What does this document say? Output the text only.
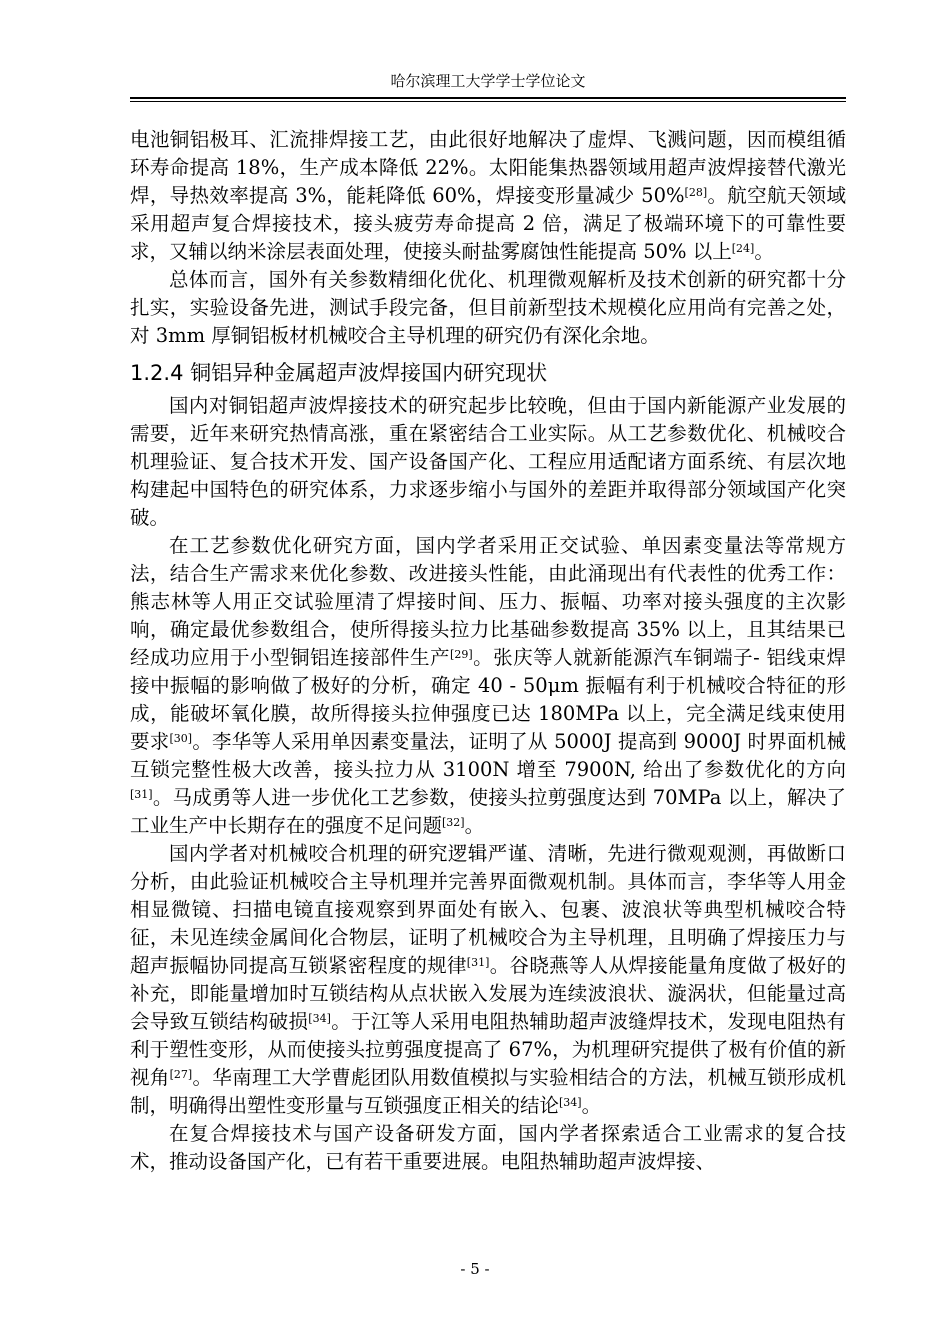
哈尔滨理工大学学士学位论文

电池铜铝极耳、汇流排焊接工艺，由此很好地解决了虚焊、飞溅问题，因而模组循环寿命提高 18%，生产成本降低 22%。太阳能集热器领域用超声波焊接替代激光焊，导热效率提高 3%，能耗降低 60%，焊接变形量减少 50%[28]。航空航天领域采用超声复合焊接技术，接头疲劳寿命提高 2 倍，满足了极端环境下的可靠性要求，又辅以纳米涂层表面处理，使接头耐盐雾腐蚀性能提高 50% 以上[24]。

总体而言，国外有关参数精细化优化、机理微观解析及技术创新的研究都十分扎实，实验设备先进，测试手段完备，但目前新型技术规模化应用尚有完善之处，对 3mm 厚铜铝板材机械咬合主导机理的研究仍有深化余地。

1.2.4 铜铝异种金属超声波焊接国内研究现状

国内对铜铝超声波焊接技术的研究起步比较晚，但由于国内新能源产业发展的需要，近年来研究热情高涨，重在紧密结合工业实际。从工艺参数优化、机械咬合机理验证、复合技术开发、国产设备国产化、工程应用适配诸方面系统、有层次地构建起中国特色的研究体系，力求逐步缩小与国外的差距并取得部分领域国产化突破。

在工艺参数优化研究方面，国内学者采用正交试验、单因素变量法等常规方法，结合生产需求来优化参数、改进接头性能，由此涌现出有代表性的优秀工作：熊志林等人用正交试验厘清了焊接时间、压力、振幅、功率对接头强度的主次影响，确定最优参数组合，使所得接头拉力比基础参数提高 35% 以上，且其结果已经成功应用于小型铜铝连接部件生产[29]。张庆等人就新能源汽车铜端子- 铝线束焊接中振幅的影响做了极好的分析，确定 40 - 50μm 振幅有利于机械咬合特征的形成，能破坏氧化膜，故所得接头拉伸强度已达 180MPa 以上，完全满足线束使用要求[30]。李华等人采用单因素变量法，证明了从 5000J 提高到 9000J 时界面机械互锁完整性极大改善，接头拉力从 3100N 增至 7900N, 给出了参数优化的方向[31]。马成勇等人进一步优化工艺参数，使接头拉剪强度达到 70MPa 以上，解决了工业生产中长期存在的强度不足问题[32]。

国内学者对机械咬合机理的研究逻辑严谨、清晰，先进行微观观测，再做断口分析，由此验证机械咬合主导机理并完善界面微观机制。具体而言，李华等人用金相显微镜、扫描电镜直接观察到界面处有嵌入、包裹、波浪状等典型机械咬合特征，未见连续金属间化合物层，证明了机械咬合为主导机理，且明确了焊接压力与超声振幅协同提高互锁紧密程度的规律[31]。谷晓燕等人从焊接能量角度做了极好的补充，即能量增加时互锁结构从点状嵌入发展为连续波浪状、漩涡状，但能量过高会导致互锁结构破损[34]。于江等人采用电阻热辅助超声波缝焊技术，发现电阻热有利于塑性变形，从而使接头拉剪强度提高了 67%，为机理研究提供了极有价值的新视角[27]。华南理工大学曹彪团队用数值模拟与实验相结合的方法，机械互锁形成机制，明确得出塑性变形量与互锁强度正相关的结论[34]。

在复合焊接技术与国产设备研发方面，国内学者探索适合工业需求的复合技术，推动设备国产化，已有若干重要进展。电阻热辅助超声波焊接、

- 5 -
